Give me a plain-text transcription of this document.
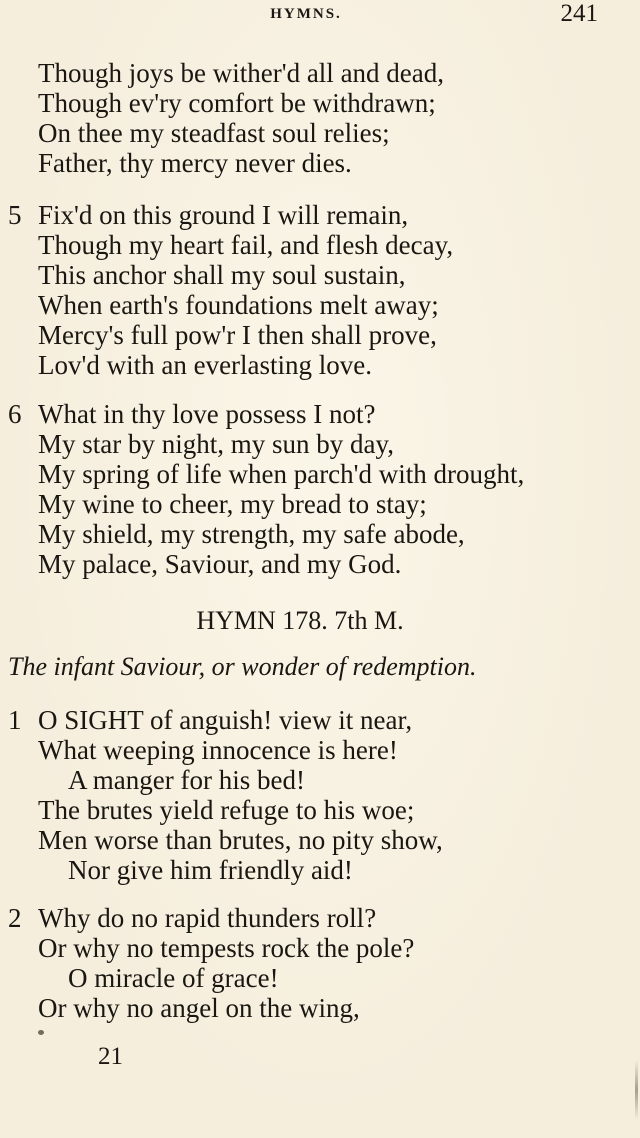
HYMNS.	241
Though joys be wither'd all and dead,
Though ev'ry comfort be withdrawn;
On thee my steadfast soul relies;
Father, thy mercy never dies.
5 Fix'd on this ground I will remain,
Though my heart fail, and flesh decay,
This anchor shall my soul sustain,
When earth's foundations melt away;
Mercy's full pow'r I then shall prove,
Lov'd with an everlasting love.
6 What in thy love possess I not?
My star by night, my sun by day,
My spring of life when parch'd with drought,
My wine to cheer, my bread to stay;
My shield, my strength, my safe abode,
My palace, Saviour, and my God.
HYMN 178. 7th M.
The infant Saviour, or wonder of redemption.
1 O SIGHT of anguish! view it near,
What weeping innocence is here!
A manger for his bed!
The brutes yield refuge to his woe;
Men worse than brutes, no pity show,
Nor give him friendly aid!
2 Why do no rapid thunders roll?
Or why no tempests rock the pole?
O miracle of grace!
Or why no angel on the wing,
21
